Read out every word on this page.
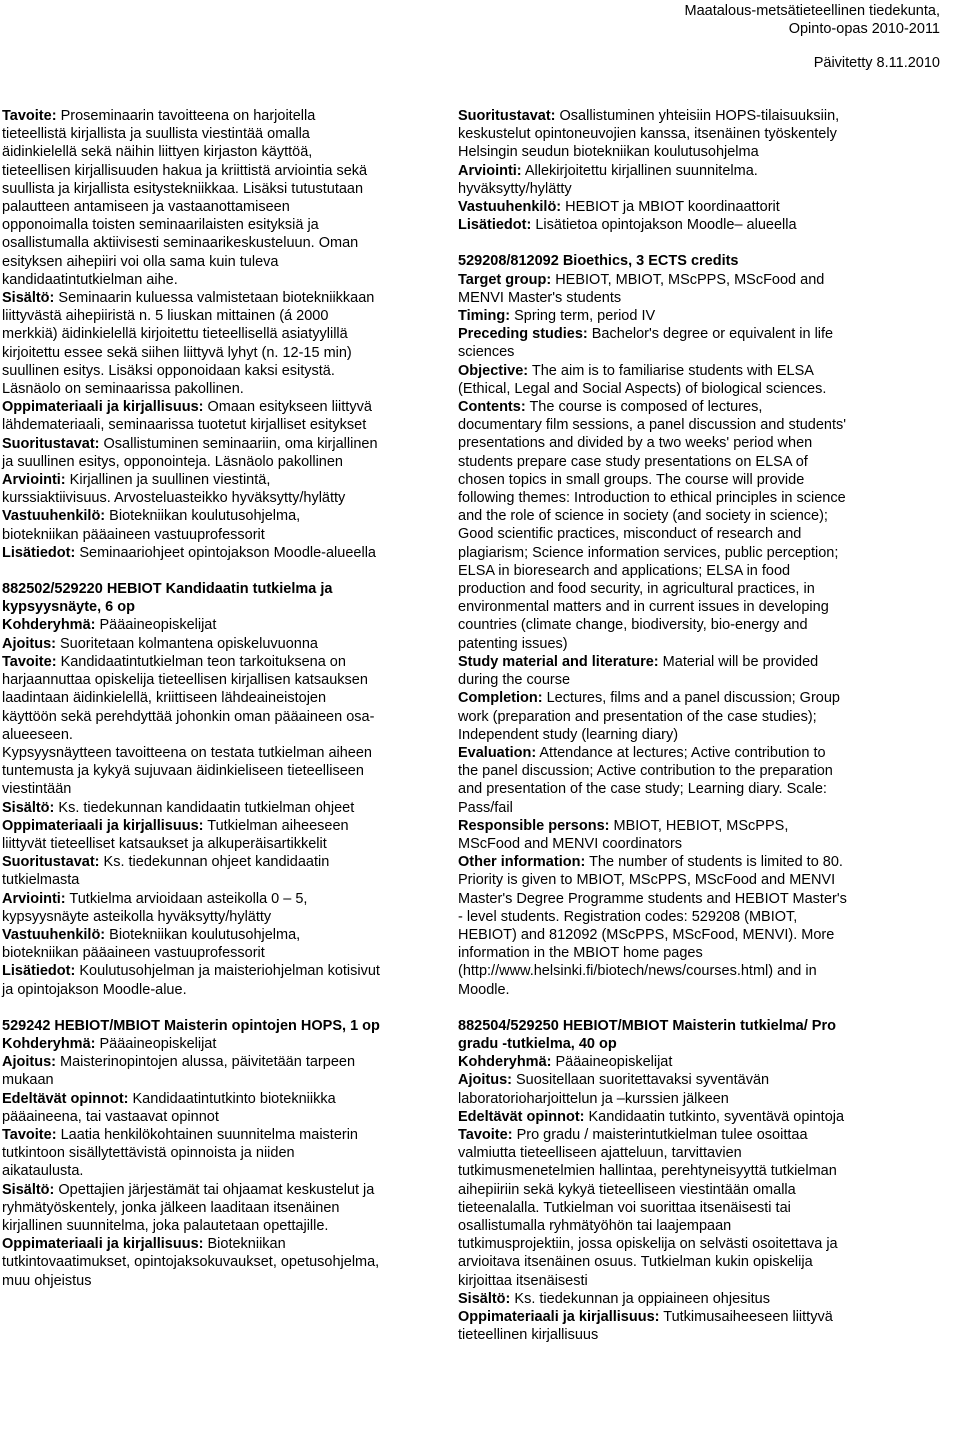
Maatalous-metsätieteellinen tiedekunta,
Opinto-opas 2010-2011
Päivitetty 8.11.2010

Tavoite: Proseminaarin tavoitteena on harjoitella tieteellistä kirjallista ja suullista viestintää omalla äidinkielellä sekä näihin liittyen kirjaston käyttöä, tieteellisen kirjallisuuden hakua ja kriittistä arviointia sekä suullista ja kirjallista esitystekniikkaa. Lisäksi tutustutaan palautteen antamiseen ja vastaanottamiseen opponoimalla toisten seminaarilaisten esityksiä ja osallistumalla aktiivisesti seminaarikeskusteluun. Oman esityksen aihepiiri voi olla sama kuin tuleva kandidaatintutkielman aihe.

Sisältö: Seminaarin kuluessa valmistetaan biotekniikkaan liittyvästä aihepiiristä n. 5 liuskan mittainen (á 2000 merkkiä) äidinkielellä kirjoitettu tieteellisellä asiatyylillä kirjoitettu essee sekä siihen liittyvä lyhyt (n. 12-15 min) suullinen esitys. Lisäksi opponoidaan kaksi esitystä. Läsnäolo on seminaarissa pakollinen.

Oppimateriaali ja kirjallisuus: Omaan esitykseen liittyvä lähdemateriaali, seminaarissa tuotetut kirjalliset esitykset

Suoritustavat: Osallistuminen seminaariin, oma kirjallinen ja suullinen esitys, opponointeja. Läsnäolo pakollinen

Arviointi: Kirjallinen ja suullinen viestintä, kurssiaktiivisuus. Arvosteluasteikko hyväksytty/hylätty

Vastuuhenkilö: Biotekniikan koulutusohjelma, biotekniikan pääaineen vastuuprofessorit

Lisätiedot: Seminaariohjeet opintojakson Moodle-alueella

882502/529220 HEBIOT Kandidaatin tutkielma ja kypsyysnäyte, 6 op

Kohderyhmä: Pääaineopiskelijat

Ajoitus: Suoritetaan kolmantena opiskeluvuonna

Tavoite: Kandidaatintutkielman teon tarkoituksena on harjaannuttaa opiskelija tieteellisen kirjallisen katsauksen laadintaan äidinkielellä, kriittiseen lähdeaineistojen käyttöön sekä perehdyttää johonkin oman pääaineen osa-alueeseen.

Kypsyysnäytteen tavoitteena on testata tutkielman aiheen tuntemusta ja kykyä sujuvaan äidinkieliseen tieteelliseen viestintään

Sisältö: Ks. tiedekunnan kandidaatin tutkielman ohjeet

Oppimateriaali ja kirjallisuus: Tutkielman aiheeseen liittyvät tieteelliset katsaukset ja alkuperäisartikkelit

Suoritustavat: Ks. tiedekunnan ohjeet kandidaatin tutkielmasta

Arviointi: Tutkielma arvioidaan asteikolla 0 – 5, kypsyysnäyte asteikolla hyväksytty/hylätty

Vastuuhenkilö: Biotekniikan koulutusohjelma, biotekniikan pääaineen vastuuprofessorit

Lisätiedot: Koulutusohjelman ja maisteriohjelman kotisivut ja opintojakson Moodle-alue.

529242 HEBIOT/MBIOT Maisterin opintojen HOPS, 1 op

Kohderyhmä: Pääaineopiskelijat

Ajoitus: Maisterinopintojen alussa, päivitetään tarpeen mukaan

Edeltävät opinnot: Kandidaatintutkinto biotekniikka pääaineena, tai vastaavat opinnot

Tavoite: Laatia henkilökohtainen suunnitelma maisterin tutkintoon sisällytettävistä opinnoista ja niiden aikataulusta.

Sisältö: Opettajien järjestämät tai ohjaamat keskustelut ja ryhmätyöskentely, jonka jälkeen laaditaan itsenäinen kirjallinen suunnitelma, joka palautetaan opettajille.

Oppimateriaali ja kirjallisuus: Biotekniikan tutkintovaatimukset, opintojaksokuvaukset, opetusohjelma, muu ohjeistus

Suoritustavat: Osallistuminen yhteisiin HOPS-tilaisuuksiin, keskustelut opintoneuvojien kanssa, itsenäinen työskentely

Helsingin seudun biotekniikan koulutusohjelma

Arviointi: Allekirjoitettu kirjallinen suunnitelma. hyväksytty/hylätty

Vastuuhenkilö: HEBIOT ja MBIOT koordinaattorit

Lisätiedot: Lisätietoa opintojakson Moodle– alueella

529208/812092 Bioethics, 3 ECTS credits

Target group: HEBIOT, MBIOT, MScPPS, MScFood and MENVI Master's students

Timing: Spring term, period IV

Preceding studies: Bachelor's degree or equivalent in life sciences

Objective: The aim is to familiarise students with ELSA (Ethical, Legal and Social Aspects) of biological sciences.

Contents: The course is composed of lectures, documentary film sessions, a panel discussion and students' presentations and divided by a two weeks' period when students prepare case study presentations on ELSA of chosen topics in small groups. The course will provide following themes: Introduction to ethical principles in science and the role of science in society (and society in science); Good scientific practices, misconduct of research and plagiarism; Science information services, public perception; ELSA in bioresearch and applications; ELSA in food production and food security, in agricultural practices, in environmental matters and in current issues in developing countries (climate change, biodiversity, bio-energy and patenting issues)

Study material and literature: Material will be provided during the course

Completion: Lectures, films and a panel discussion; Group work (preparation and presentation of the case studies); Independent study (learning diary)

Evaluation: Attendance at lectures; Active contribution to the panel discussion; Active contribution to the preparation and presentation of the case study; Learning diary. Scale: Pass/fail

Responsible persons: MBIOT, HEBIOT, MScPPS, MScFood and MENVI coordinators

Other information: The number of students is limited to 80. Priority is given to MBIOT, MScPPS, MScFood and MENVI Master's Degree Programme students and HEBIOT Master's - level students. Registration codes: 529208 (MBIOT, HEBIOT) and 812092 (MScPPS, MScFood, MENVI). More information in the MBIOT home pages (http://www.helsinki.fi/biotech/news/courses.html) and in Moodle.

882504/529250 HEBIOT/MBIOT Maisterin tutkielma/ Pro gradu -tutkielma, 40 op

Kohderyhmä: Pääaineopiskelijat

Ajoitus: Suositellaan suoritettavaksi syventävän laboratorioharjoittelun ja –kurssien jälkeen

Edeltävät opinnot: Kandidaatin tutkinto, syventävä opintoja

Tavoite: Pro gradu / maisterintutkielman tulee osoittaa valmiutta tieteelliseen ajatteluun, tarvittavien tutkimusmenetelmien hallintaa, perehtyneisyyttä tutkielman aihepiiriin sekä kykyä tieteelliseen viestintään omalla tieteenalalla. Tutkielman voi suorittaa itsenäisesti tai osallistumalla ryhmätyöhön tai laajempaan tutkimusprojektiin, jossa opiskelija on selvästi osoitettava ja arvioitava itsenäinen osuus. Tutkielman kukin opiskelija kirjoittaa itsenäisesti

Sisältö: Ks. tiedekunnan ja oppiaineen ohjesitus

Oppimateriaali ja kirjallisuus: Tutkimusaiheeseen liittyvä tieteellinen kirjallisuus
